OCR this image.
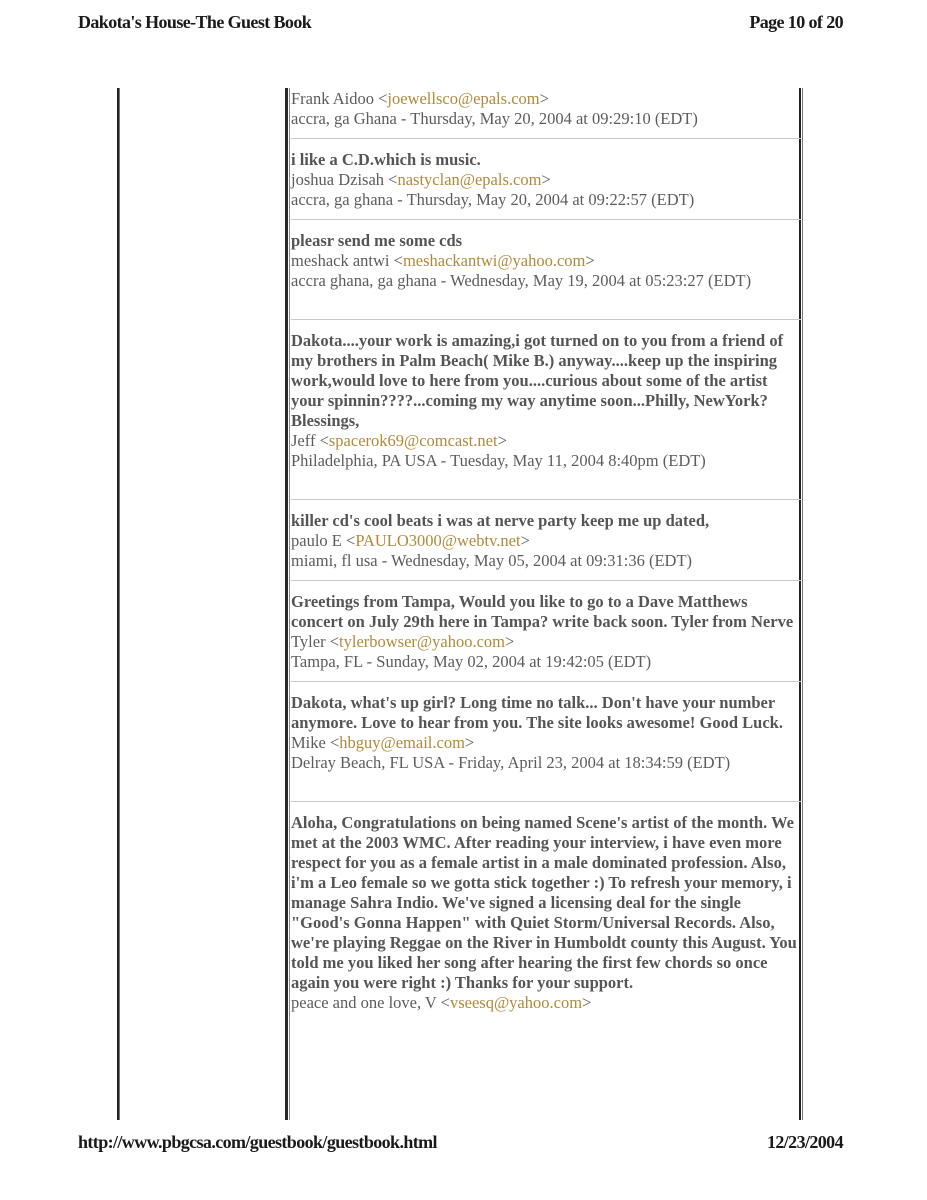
Dakota's House-The Guest Book	Page 10 of 20
Frank Aidoo <joewellsco@epals.com>
accra, ga Ghana - Thursday, May 20, 2004 at 09:29:10 (EDT)
i like a C.D.which is music.
joshua Dzisah <nastyclan@epals.com>
accra, ga ghana - Thursday, May 20, 2004 at 09:22:57 (EDT)
pleasr send me some cds
meshack antwi <meshackantwi@yahoo.com>
accra ghana, ga ghana - Wednesday, May 19, 2004 at 05:23:27 (EDT)
Dakota....your work is amazing,i got turned on to you from a friend of my brothers in Palm Beach( Mike B.) anyway....keep up the inspiring work,would love to here from you....curious about some of the artist your spinnin????...coming my way anytime soon...Philly, NewYork? Blessings,
Jeff <spacerok69@comcast.net>
Philadelphia, PA USA - Tuesday, May 11, 2004 8:40pm (EDT)
killer cd's cool beats i was at nerve party keep me up dated,
paulo E <PAULO3000@webtv.net>
miami, fl usa - Wednesday, May 05, 2004 at 09:31:36 (EDT)
Greetings from Tampa, Would you like to go to a Dave Matthews concert on July 29th here in Tampa? write back soon. Tyler from Nerve
Tyler <tylerbowser@yahoo.com>
Tampa, FL - Sunday, May 02, 2004 at 19:42:05 (EDT)
Dakota, what's up girl? Long time no talk... Don't have your number anymore. Love to hear from you. The site looks awesome! Good Luck.
Mike <hbguy@email.com>
Delray Beach, FL USA - Friday, April 23, 2004 at 18:34:59 (EDT)
Aloha, Congratulations on being named Scene's artist of the month. We met at the 2003 WMC. After reading your interview, i have even more respect for you as a female artist in a male dominated profession. Also, i'm a Leo female so we gotta stick together :) To refresh your memory, i manage Sahra Indio. We've signed a licensing deal for the single "Good's Gonna Happen" with Quiet Storm/Universal Records. Also, we're playing Reggae on the River in Humboldt county this August. You told me you liked her song after hearing the first few chords so once again you were right :) Thanks for your support.
peace and one love, V <vseesq@yahoo.com>
http://www.pbgcsa.com/guestbook/guestbook.html	12/23/2004
